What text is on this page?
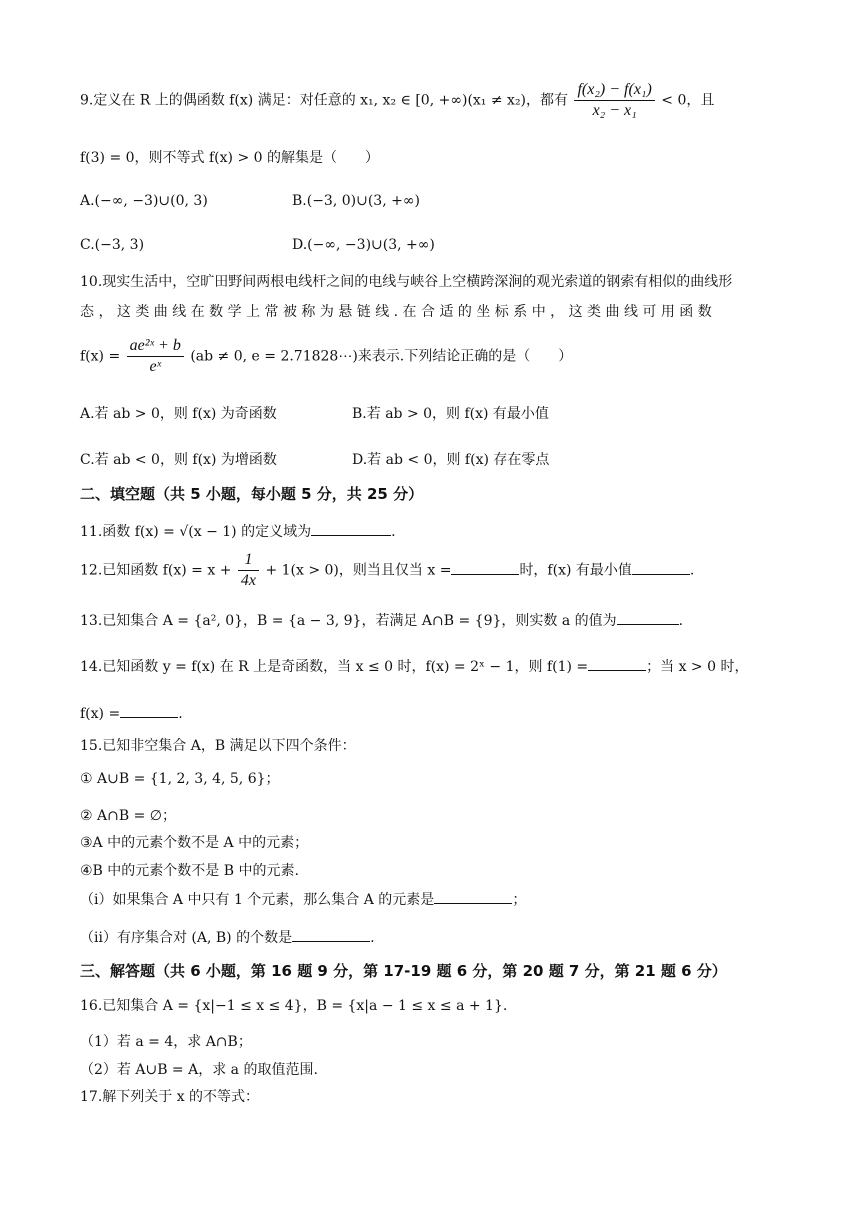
9.定义在 R 上的偶函数 f(x) 满足：对任意的 x₁, x₂ ∈ [0, +∞)(x₁ ≠ x₂)，都有 $\frac{\text{f(x₂) − f(x₁)}}{\text{x₂ − x₁}} < 0$，且
f(3) = 0，则不等式 f(x) > 0 的解集是（　　）
A.(−∞, −3)∪(0, 3)	B.(−3, 0)∪(3, +∞)
C.(−3, 3)	D.(−∞, −3)∪(3, +∞)
10.现实生活中，空旷田野间两根电线杆之间的电线与峡谷上空横跨深涧的观光索道的钢索有相似的曲线形
态 ， 这 类 曲 线 在 数 学 上 常 被 称 为 悬 链 线 . 在 合 适 的 坐 标 系 中 ， 这 类 曲 线 可 用 函 数
$f(x) = \frac{\text{ae²ˣ + b}}{\text{eˣ}} (ab \ne 0$, e = 2.71828⋯)来表示.下列结论正确的是（　　）
A.若 ab > 0，则 f(x) 为奇函数	B.若 ab > 0，则 f(x) 有最小值
C.若 ab < 0，则 f(x) 为增函数	D.若 ab < 0，则 f(x) 存在零点
二、填空题（共 5 小题，每小题 5 分，共 25 分）
11.函数 f(x) = √(x − 1) 的定义域为	.
12.已知函数 $f(x) = x + \frac{1}{4x} + 1(x > 0)$，则当且仅当 x =	时，f(x) 有最小值	.
13.已知集合 A = {a², 0}，B = {a − 3, 9}，若满足 A∩B = {9}，则实数 a 的值为	.
14.已知函数 y = f(x) 在 R 上是奇函数，当 x ≤ 0 时，f(x) = 2ˣ − 1，则 f(1) =	；当 x > 0 时，
f(x) =	.
15.已知非空集合 A，B 满足以下四个条件：
① A∪B = {1, 2, 3, 4, 5, 6}；
② A∩B = ∅；
③A 中的元素个数不是 A 中的元素；
④B 中的元素个数不是 B 中的元素.
（ⅰ）如果集合 A 中只有 1 个元素，那么集合 A 的元素是	；
（ⅱ）有序集合对 (A, B) 的个数是	.
三、解答题（共 6 小题，第 16 题 9 分，第 17-19 题 6 分，第 20 题 7 分，第 21 题 6 分）
16.已知集合 A = {x|−1 ≤ x ≤ 4}，B = {x|a − 1 ≤ x ≤ a + 1}.
（1）若 a = 4，求 A∩B；
（2）若 A∪B = A，求 a 的取值范围.
17.解下列关于 x 的不等式：
